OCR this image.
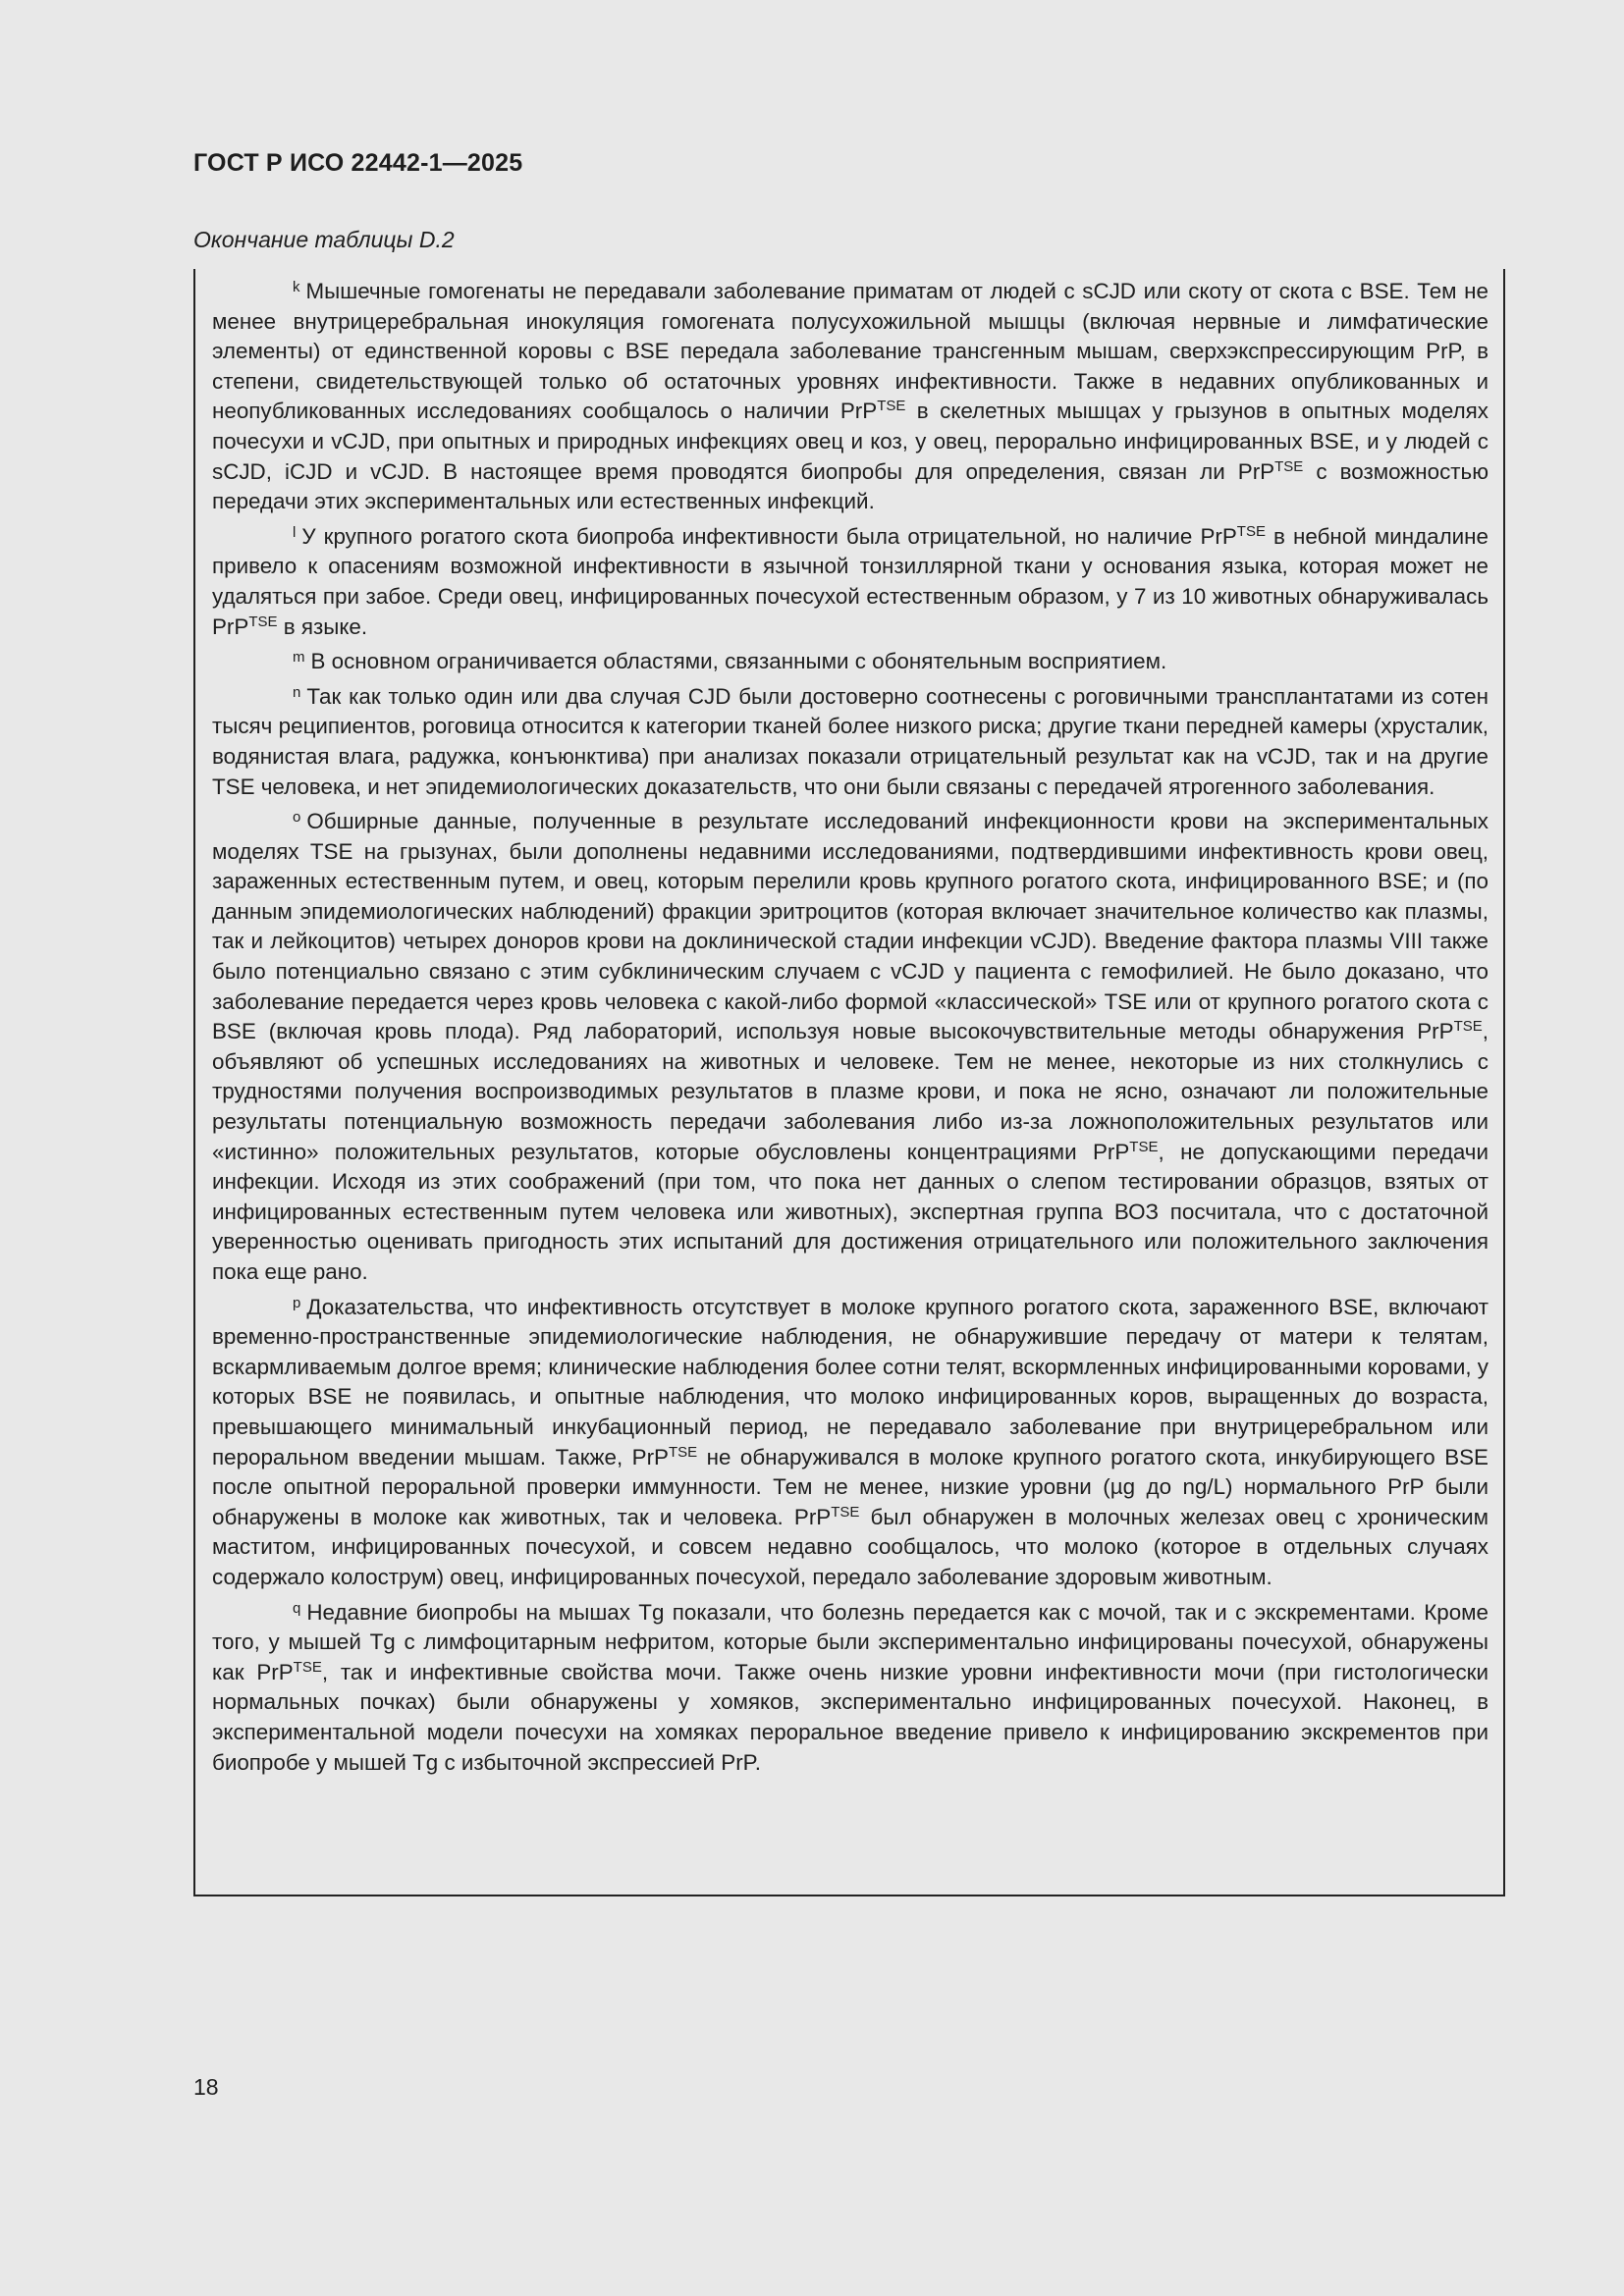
ГОСТ Р ИСО 22442-1—2025
Окончание таблицы D.2

$^k$ Мышечные гомогенаты не передавали заболевание приматам от людей с sCJD или скоту от скота с BSE. Тем не менее внутрицеребральная инокуляция гомогената полусухожильной мышцы (включая нервные и лимфатические элементы) от единственной коровы с BSE передала заболевание трансгенным мышам, сверхэкспрессирующим PrP, в степени, свидетельствующей только об остаточных уровнях инфективности. Также в недавних опубликованных и неопубликованных исследованиях сообщалось о наличии PrP$^{TSE}$ в скелетных мышцах у грызунов в опытных моделях почесухи и vCJD, при опытных и природных инфекциях овец и коз, у овец, перорально инфицированных BSE, и у людей с sCJD, iCJD и vCJD. В настоящее время проводятся биопробы для определения, связан ли PrP$^{TSE}$ с возможностью передачи этих экспериментальных или естественных инфекций.

$^l$ У крупного рогатого скота биопроба инфективности была отрицательной, но наличие PrP$^{TSE}$ в небной миндалине привело к опасениям возможной инфективности в язычной тонзиллярной ткани у основания языка, которая может не удаляться при забое. Среди овец, инфицированных почесухой естественным образом, у 7 из 10 животных обнаруживалась PrP$^{TSE}$ в языке.

$^m$ В основном ограничивается областями, связанными с обонятельным восприятием.

$^n$ Так как только один или два случая CJD были достоверно соотнесены с роговичными трансплантатами из сотен тысяч реципиентов, роговица относится к категории тканей более низкого риска; другие ткани передней камеры (хрусталик, водянистая влага, радужка, конъюнктива) при анализах показали отрицательный результат как на vCJD, так и на другие TSE человека, и нет эпидемиологических доказательств, что они были связаны с передачей ятрогенного заболевания.

$^o$ Обширные данные, полученные в результате исследований инфекционности крови на экспериментальных моделях TSE на грызунах, были дополнены недавними исследованиями, подтвердившими инфективность крови овец, зараженных естественным путем, и овец, которым перелили кровь крупного рогатого скота, инфицированного BSE; и (по данным эпидемиологических наблюдений) фракции эритроцитов (которая включает значительное количество как плазмы, так и лейкоцитов) четырех доноров крови на доклинической стадии инфекции vCJD). Введение фактора плазмы VIII также было потенциально связано с этим субклиническим случаем с vCJD у пациента с гемофилией. Не было доказано, что заболевание передается через кровь человека с какой-либо формой «классической» TSE или от крупного рогатого скота с BSE (включая кровь плода). Ряд лабораторий, используя новые высокочувствительные методы обнаружения PrP$^{TSE}$, объявляют об успешных исследованиях на животных и человеке. Тем не менее, некоторые из них столкнулись с трудностями получения воспроизводимых результатов в плазме крови, и пока не ясно, означают ли положительные результаты потенциальную возможность передачи заболевания либо из-за ложноположительных результатов или «истинно» положительных результатов, которые обусловлены концентрациями PrP$^{TSE}$, не допускающими передачи инфекции. Исходя из этих соображений (при том, что пока нет данных о слепом тестировании образцов, взятых от инфицированных естественным путем человека или животных), экспертная группа ВОЗ посчитала, что с достаточной уверенностью оценивать пригодность этих испытаний для достижения отрицательного или положительного заключения пока еще рано.

$^p$ Доказательства, что инфективность отсутствует в молоке крупного рогатого скота, зараженного BSE, включают временно-пространственные эпидемиологические наблюдения, не обнаружившие передачу от матери к телятам, вскармливаемым долгое время; клинические наблюдения более сотни телят, вскормленных инфицированными коровами, у которых BSE не появилась, и опытные наблюдения, что молоко инфицированных коров, выращенных до возраста, превышающего минимальный инкубационный период, не передавало заболевание при внутрицеребральном или пероральном введении мышам. Также, PrP$^{TSE}$ не обнаруживался в молоке крупного рогатого скота, инкубирующего BSE после опытной пероральной проверки иммунности. Тем не менее, низкие уровни (µg до ng/L) нормального PrP были обнаружены в молоке как животных, так и человека. PrP$^{TSE}$ был обнаружен в молочных железах овец с хроническим маститом, инфицированных почесухой, и совсем недавно сообщалось, что молоко (которое в отдельных случаях содержало колострум) овец, инфицированных почесухой, передало заболевание здоровым животным.

$^q$ Недавние биопробы на мышах Tg показали, что болезнь передается как с мочой, так и с экскрементами. Кроме того, у мышей Tg с лимфоцитарным нефритом, которые были экспериментально инфицированы почесухой, обнаружены как PrP$^{TSE}$, так и инфективные свойства мочи. Также очень низкие уровни инфективности мочи (при гистологически нормальных почках) были обнаружены у хомяков, экспериментально инфицированных почесухой. Наконец, в экспериментальной модели почесухи на хомяках пероральное введение привело к инфицированию экскрементов при биопробе у мышей Tg с избыточной экспрессией PrP.

18
